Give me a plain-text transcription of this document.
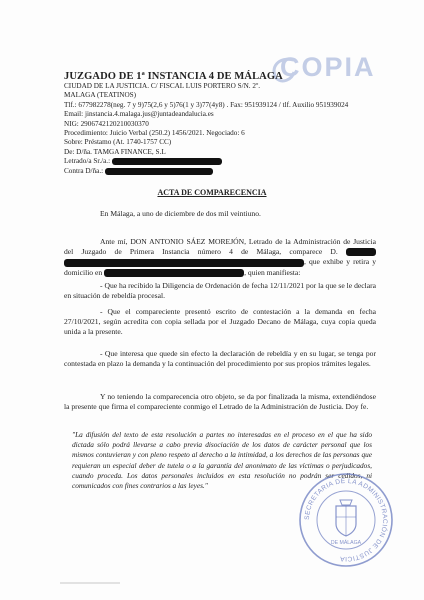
COPIA
JUZGADO DE 1ª INSTANCIA 4 DE MÁLAGA
CIUDAD DE LA JUSTICIA. C/ FISCAL LUIS PORTERO S/N. 2º.
MALAGA (TEATINOS)
Tlf.: 677982278(neg. 7 y 9)75(2,6 y 5)76(1 y 3)77(4y8) . Fax: 951939124 / tlf. Auxilio 951939024
Email: jinstancia.4.malaga.jus@juntadeandalucia.es
NIG: 2906742120210030370
Procedimiento: Juicio Verbal (250.2) 1456/2021. Negociado: 6
Sobre: Préstamo (At. 1740-1757 CC)
De: D/ña. TAMGA FINANCE, S.L
Letrado/a Sr./a.:
Contra D/ña.:
ACTA DE COMPARECENCIA
En Málaga, a uno de diciembre de dos mil veintiuno.
Ante mí, DON ANTONIO SÁEZ MOREJÓN, Letrado de la Administración de Justicia del Juzgado de Primera Instancia número 4 de Málaga, comparece D.  , que exhibe y retira y domicilio en	, quien manifiesta:
- Que ha recibido la Diligencia de Ordenación de fecha 12/11/2021 por la que se le declara en situación de rebeldía procesal.
- Que el compareciente presentó escrito de contestación a la demanda en fecha 27/10/2021, según acredita con copia sellada por el Juzgado Decano de Málaga, cuya copia queda unida a la presente.
- Que interesa que quede sin efecto la declaración de rebeldía y en su lugar, se tenga por contestada en plazo la demanda y la continuación del procedimiento por sus propios trámites legales.
Y no teniendo la comparecencia otro objeto, se da por finalizada la misma, extendiéndose la presente que firma el compareciente conmigo el Letrado de la Administración de Justicia. Doy fe.
"La difusión del texto de esta resolución a partes no interesadas en el proceso en el que ha sido dictada sólo podrá llevarse a cabo previa disociación de los datos de carácter personal que los mismos contuvieran y con pleno respeto al derecho a la intimidad, a los derechos de las personas que requieran un especial deber de tutela o a la garantía del anonimato de las víctimas o perjudicados, cuando proceda. Los datos personales incluidos en esta resolución no podrán ser cedidos, ni comunicados con fines contrarios a las leyes."
SECRETARIA DE LA ADMINISTRACIÓN DE JUSTICIA
DE MÁLAGA
